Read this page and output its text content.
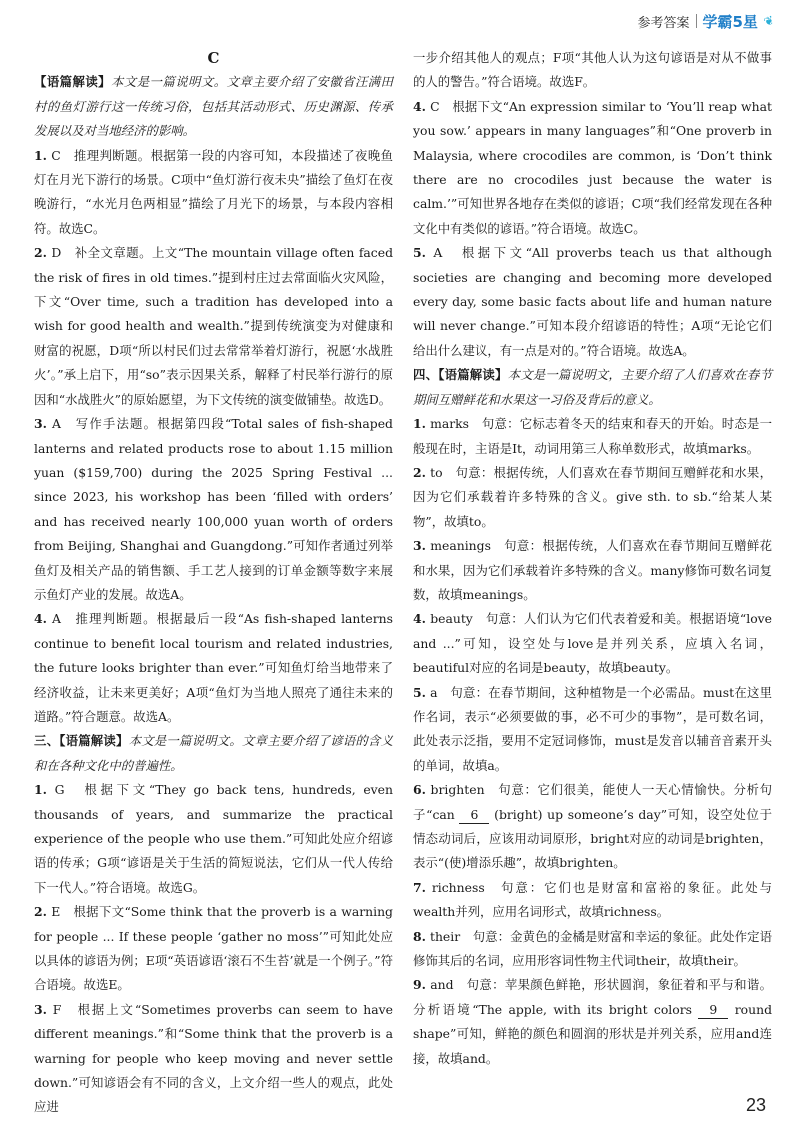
参考答案 学霸5星 ❦

C

【语篇解读】本文是一篇说明文。文章主要介绍了安徽省汪满田村的鱼灯游行这一传统习俗，包括其活动形式、历史渊源、传承发展以及对当地经济的影响。

1. C　推理判断题。根据第一段的内容可知，本段描述了夜晚鱼灯在月光下游行的场景。C项中“鱼灯游行夜未央”描绘了鱼灯在夜晚游行，“水光月色两相显”描绘了月光下的场景，与本段内容相符。故选C。

2. D　补全文章题。上文“The mountain village often faced the risk of fires in old times.”提到村庄过去常面临火灾风险，下文“Over time, such a tradition has developed into a wish for good health and wealth.”提到传统演变为对健康和财富的祝愿，D项“所以村民们过去常常举着灯游行，祝愿‘水战胜火’。”承上启下，用“so”表示因果关系，解释了村民举行游行的原因和“水战胜火”的原始愿望，为下文传统的演变做铺垫。故选D。

3. A　写作手法题。根据第四段“Total sales of fish-shaped lanterns and related products rose to about 1.15 million yuan ($159,700) during the 2025 Spring Festival ... since 2023, his workshop has been ‘filled with orders’ and has received nearly 100,000 yuan worth of orders from Beijing, Shanghai and Guangdong.”可知作者通过列举鱼灯及相关产品的销售额、手工艺人接到的订单金额等数字来展示鱼灯产业的发展。故选A。

4. A　推理判断题。根据最后一段“As fish-shaped lanterns continue to benefit local tourism and related industries, the future looks brighter than ever.”可知鱼灯给当地带来了经济收益，让未来更美好；A项“鱼灯为当地人照亮了通往未来的道路。”符合题意。故选A。

三、【语篇解读】本文是一篇说明文。文章主要介绍了谚语的含义和在各种文化中的普遍性。

1. G　根据下文“They go back tens, hundreds, even thousands of years, and summarize the practical experience of the people who use them.”可知此处应介绍谚语的传承；G项“谚语是关于生活的简短说法，它们从一代人传给下一代人。”符合语境。故选G。

2. E　根据下文“Some think that the proverb is a warning for people ... If these people ‘gather no moss’”可知此处应以具体的谚语为例；E项“英语谚语‘滚石不生苔’就是一个例子。”符合语境。故选E。

3. F　根据上文“Sometimes proverbs can seem to have different meanings.”和“Some think that the proverb is a warning for people who keep moving and never settle down.”可知谚语会有不同的含义，上文介绍一些人的观点，此处应进

一步介绍其他人的观点；F项“其他人认为这句谚语是对从不做事的人的警告。”符合语境。故选F。

4. C　根据下文“An expression similar to ‘You’ll reap what you sow.’ appears in many languages”和“One proverb in Malaysia, where crocodiles are common, is ‘Don’t think there are no crocodiles just because the water is calm.’”可知世界各地存在类似的谚语；C项“我们经常发现在各种文化中有类似的谚语。”符合语境。故选C。

5. A　根据下文“All proverbs teach us that although societies are changing and becoming more developed every day, some basic facts about life and human nature will never change.”可知本段介绍谚语的特性；A项“无论它们给出什么建议，有一点是对的。”符合语境。故选A。

四、【语篇解读】本文是一篇说明文，主要介绍了人们喜欢在春节期间互赠鲜花和水果这一习俗及背后的意义。

1. marks　句意：它标志着冬天的结束和春天的开始。时态是一般现在时，主语是It，动词用第三人称单数形式，故填marks。

2. to　句意：根据传统，人们喜欢在春节期间互赠鲜花和水果，因为它们承载着许多特殊的含义。give sth. to sb.“给某人某物”，故填to。

3. meanings　句意：根据传统，人们喜欢在春节期间互赠鲜花和水果，因为它们承载着许多特殊的含义。many修饰可数名词复数，故填meanings。

4. beauty　句意：人们认为它们代表着爱和美。根据语境“love and ...”可知，设空处与love是并列关系，应填入名词，beautiful对应的名词是beauty，故填beauty。

5. a　句意：在春节期间，这种植物是一个必需品。must在这里作名词，表示“必须要做的事，必不可少的事物”，是可数名词，此处表示泛指，要用不定冠词修饰，must是发音以辅音音素开头的单词，故填a。

6. brighten　句意：它们很美，能使人一天心情愉快。分析句子“can 6 (bright) up someone’s day”可知，设空处位于情态动词后，应该用动词原形，bright对应的动词是brighten，表示“(使)增添乐趣”，故填brighten。

7. richness　句意：它们也是财富和富裕的象征。此处与wealth并列，应用名词形式，故填richness。

8. their　句意：金黄色的金橘是财富和幸运的象征。此处作定语修饰其后的名词，应用形容词性物主代词their，故填their。

9. and　句意：苹果颜色鲜艳，形状圆润，象征着和平与和谐。分析语境“The apple, with its bright colors 9 round shape”可知，鲜艳的颜色和圆润的形状是并列关系，应用and连接，故填and。

23
